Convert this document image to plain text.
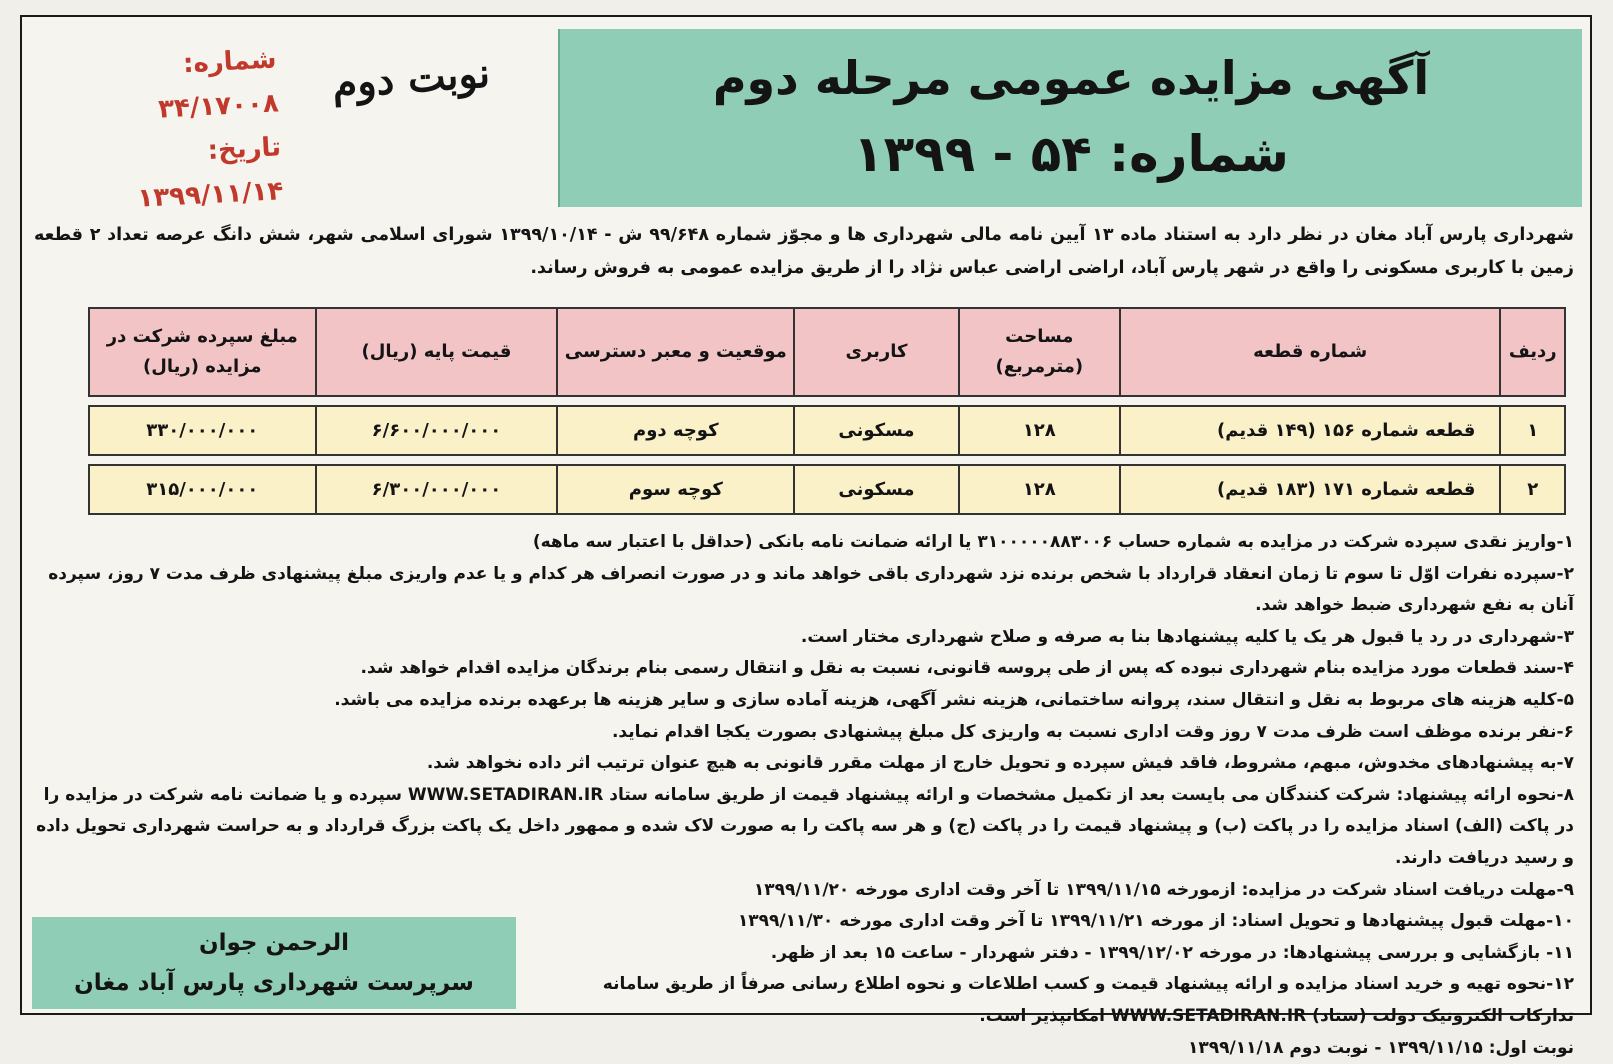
آگهی مزایده عمومی مرحله دوم
شماره: ۵۴ - ۱۳۹۹
نوبت دوم
شماره: ۳۴/۱۷۰۰۸
تاریخ: ۱۳۹۹/۱۱/۱۴
شهرداری پارس آباد مغان در نظر دارد به استناد ماده ۱۳ آیین نامه مالی شهرداری ها و مجوّز شماره ۹۹/۶۴۸ ش - ۱۳۹۹/۱۰/۱۴ شورای اسلامی شهر، شش دانگ عرصه تعداد ۲ قطعه زمین با کاربری مسکونی را واقع در شهر پارس آباد، اراضی اراضی عباس نژاد را از طریق مزایده عمومی به فروش رساند.
ردیف	شماره قطعه	مساحت (مترمربع)	کاربری	موقعیت و معبر دسترسی	قیمت پایه (ریال)	مبلغ سپرده شرکت در مزایده (ریال)

۱	قطعه شماره ۱۵۶ (۱۴۹ قدیم)	۱۲۸	مسکونی	کوچه دوم	۶/۶۰۰/۰۰۰/۰۰۰	۳۳۰/۰۰۰/۰۰۰

۲	قطعه شماره ۱۷۱ (۱۸۳ قدیم)	۱۲۸	مسکونی	کوچه سوم	۶/۳۰۰/۰۰۰/۰۰۰	۳۱۵/۰۰۰/۰۰۰
۱-واریز نقدی سپرده شرکت در مزایده به شماره حساب ۳۱۰۰۰۰۰۸۸۳۰۰۶ یا ارائه ضمانت نامه بانکی (حداقل با اعتبار سه ماهه)
۲-سپرده نفرات اوّل تا سوم تا زمان انعقاد قرارداد با شخص برنده نزد شهرداری باقی خواهد ماند و در صورت انصراف هر کدام و یا عدم واریزی مبلغ پیشنهادی ظرف مدت ۷ روز، سپرده آنان به نفع شهرداری ضبط خواهد شد.
۳-شهرداری در رد یا قبول هر یک یا کلیه پیشنهادها بنا به صرفه و صلاح شهرداری مختار است.
۴-سند قطعات مورد مزایده بنام شهرداری نبوده که پس از طی پروسه قانونی، نسبت به نقل و انتقال رسمی بنام برندگان مزایده اقدام خواهد شد.
۵-کلیه هزینه های مربوط به نقل و انتقال سند، پروانه ساختمانی، هزینه نشر آگهی، هزینه آماده سازی و سایر هزینه ها برعهده برنده مزایده می باشد.
۶-نفر برنده موظف است ظرف مدت ۷ روز وقت اداری نسبت به واریزی کل مبلغ پیشنهادی بصورت یکجا اقدام نماید.
۷-به پیشنهادهای مخدوش، مبهم، مشروط، فاقد فیش سپرده و تحویل خارج از مهلت مقرر قانونی به هیچ عنوان ترتیب اثر داده نخواهد شد.
۸-نحوه ارائه پیشنهاد: شرکت کنندگان می بایست بعد از تکمیل مشخصات و ارائه پیشنهاد قیمت از طریق سامانه ستاد WWW.SETADIRAN.IR سپرده و یا ضمانت نامه شرکت در مزایده را در پاکت (الف) اسناد مزایده را در پاکت (ب) و پیشنهاد قیمت را در پاکت (ج) و هر سه پاکت را به صورت لاک شده و ممهور داخل یک پاکت بزرگ قرارداد و به حراست شهرداری تحویل داده و رسید دریافت دارند.
۹-مهلت دریافت اسناد شرکت در مزایده: ازمورخه ۱۳۹۹/۱۱/۱۵ تا آخر وقت اداری مورخه ۱۳۹۹/۱۱/۲۰
۱۰-مهلت قبول پیشنهادها و تحویل اسناد: از مورخه ۱۳۹۹/۱۱/۲۱ تا آخر وقت اداری مورخه ۱۳۹۹/۱۱/۳۰
۱۱- بازگشایی و بررسی پیشنهادها: در مورخه ۱۳۹۹/۱۲/۰۲ - دفتر شهردار - ساعت ۱۵ بعد از ظهر.
۱۲-نحوه تهیه و خرید اسناد مزایده و ارائه پیشنهاد قیمت و کسب اطلاعات و نحوه اطلاع رسانی صرفاً از طریق سامانه تدارکات الکترونیک دولت (ستاد) WWW.SETADIRAN.IR امکانپذیر است.
نوبت اول: ۱۳۹۹/۱۱/۱۵ - نوبت دوم ۱۳۹۹/۱۱/۱۸
الرحمن جوان
سرپرست شهرداری پارس آباد مغان
